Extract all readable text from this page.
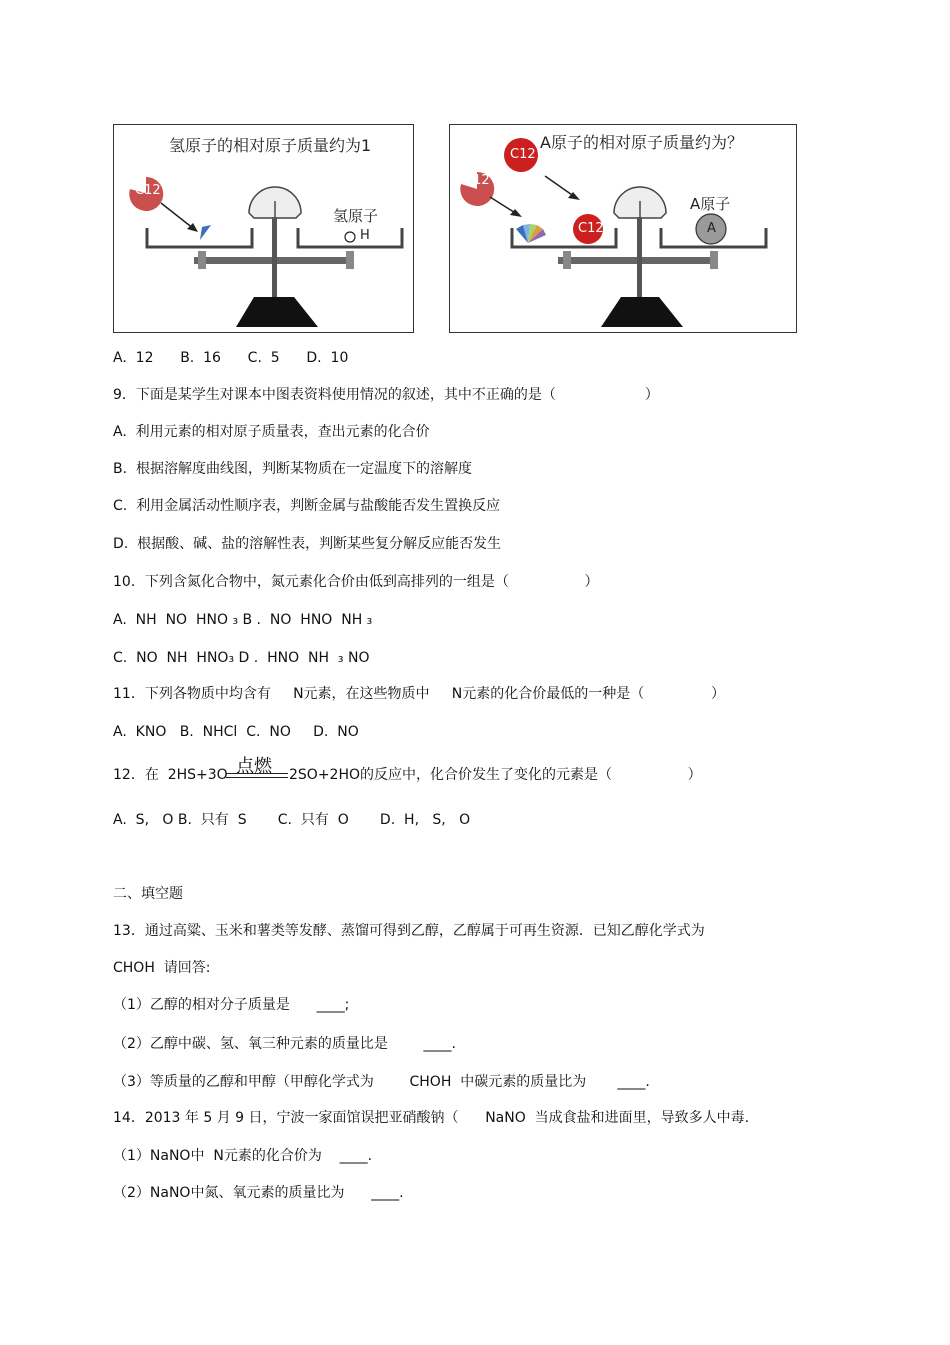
氢原子的相对原子质量约为1
C12
氢原子
H
A原子的相对原子质量约为？
C12
C12
C12
A原子
A
A.  12      B.  16      C.  5      D.  10
9．下面是某学生对课本中图表资料使用情况的叙述，其中不正确的是（                    ）
A.  利用元素的相对原子质量表，查出元素的化合价
B.  根据溶解度曲线图，判断某物质在一定温度下的溶解度
C.  利用金属活动性顺序表，判断金属与盐酸能否发生置换反应
D.  根据酸、碱、盐的溶解性表，判断某些复分解反应能否发生
10．下列含氮化合物中，氮元素化合价由低到高排列的一组是（                 ）
A.  NH  NO  HNO ₃ B .  NO  HNO  NH ₃
C.  NO  NH  HNO₃ D .  HNO  NH  ₃ NO
11．下列各物质中均含有     N元素，在这些物质中     N元素的化合价最低的一种是（               ）
A.  KNO   B.  NHCl  C.  NO     D.  NO
12．在  2HS+3O 点燃 2SO+2HO的反应中，化合价发生了变化的元素是（                 ）
A.  S,   O B.  只有  S       C.  只有  O       D.  H,   S,   O
二、填空题
13．通过高粱、玉米和薯类等发酵、蒸馏可得到乙醇，乙醇属于可再生资源．已知乙醇化学式为
CHOH  请回答:
（1）乙醇的相对分子质量是      ____;
（2）乙醇中碳、氢、氧三种元素的质量比是        ____.
（3）等质量的乙醇和甲醇（甲醇化学式为        CHOH  中碳元素的质量比为       ____.
14．2013 年 5 月 9 日，宁波一家面馆误把亚硝酸钠（      NaNO  当成食盐和进面里，导致多人中毒.
（1）NaNO中  N元素的化合价为    ____.
（2）NaNO中氮、氧元素的质量比为      ____.
